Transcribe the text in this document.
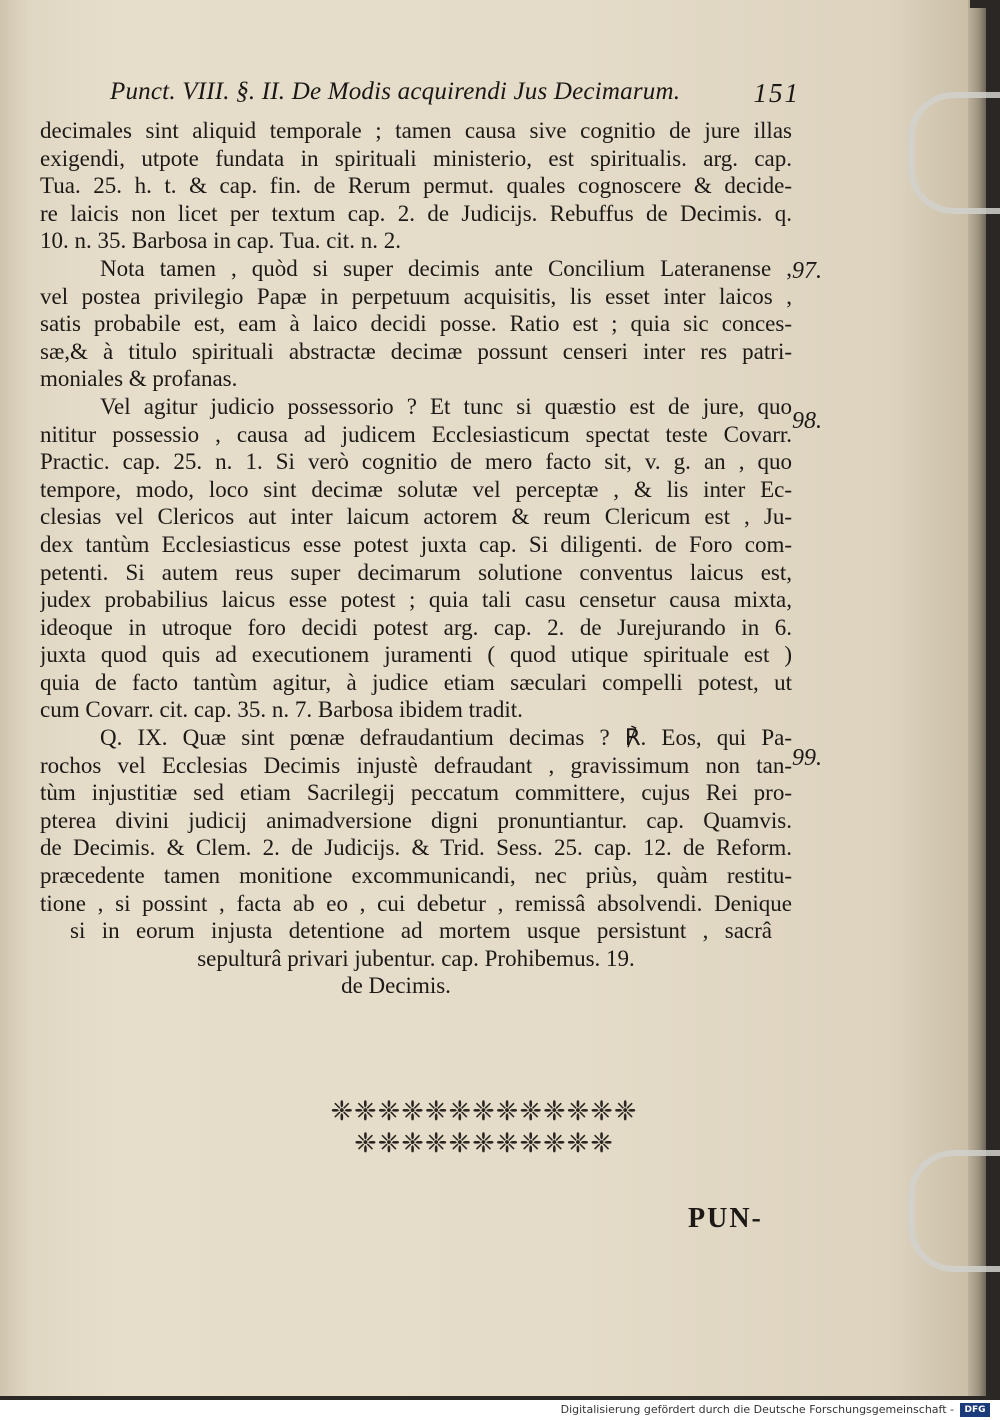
Punct. VIII. §. II. De Modis acquirendi Jus Decimarum.	151
decimales sint aliquid temporale ; tamen causa sive cognitio de jure illas
exigendi, utpote fundata in spirituali ministerio, est spiritualis. arg. cap.
Tua. 25. h. t. & cap. fin. de Rerum permut. quales cognoscere & decide-
re laicis non licet per textum cap. 2. de Judicijs. Rebuffus de Decimis. q.
10. n. 35. Barbosa in cap. Tua. cit. n. 2.
Nota tamen , quòd si super decimis ante Concilium Lateranense ,
vel postea privilegio Papæ in perpetuum acquisitis, lis esset inter laicos ,
satis probabile est, eam à laico decidi posse. Ratio est ; quia sic conces-
sæ,& à titulo spirituali abstractæ decimæ possunt censeri inter res patri-
moniales & profanas.
Vel agitur judicio possessorio ? Et tunc si quæstio est de jure, quo
nititur possessio , causa ad judicem Ecclesiasticum spectat teste Covarr.
Practic. cap. 25. n. 1. Si verò cognitio de mero facto sit, v. g. an , quo
tempore, modo, loco sint decimæ solutæ vel perceptæ , & lis inter Ec-
clesias vel Clericos aut inter laicum actorem & reum Clericum est , Ju-
dex tantùm Ecclesiasticus esse potest juxta cap. Si diligenti. de Foro com-
petenti. Si autem reus super decimarum solutione conventus laicus est,
judex probabilius laicus esse potest ; quia tali casu censetur causa mixta,
ideoque in utroque foro decidi potest arg. cap. 2. de Jurejurando in 6.
juxta quod quis ad executionem juramenti ( quod utique spirituale est )
quia de facto tantùm agitur, à judice etiam sæculari compelli potest, ut
cum Covarr. cit. cap. 35. n. 7. Barbosa ibidem tradit.
Q. IX. Quæ sint pœnæ defraudantium decimas ? ℟. Eos, qui Pa-
rochos vel Ecclesias Decimis injustè defraudant , gravissimum non tan-
tùm injustitiæ sed etiam Sacrilegij peccatum committere, cujus Rei pro-
pterea divini judicij animadversione digni pronuntiantur. cap. Quamvis.
de Decimis. & Clem. 2. de Judicijs. & Trid. Sess. 25. cap. 12. de Reform.
præcedente tamen monitione excommunicandi, nec priùs, quàm restitu-
tione , si possint , facta ab eo , cui debetur , remissâ absolvendi. Denique
si in eorum injusta detentione ad mortem usque persistunt , sacrâ
sepulturâ privari jubentur. cap. Prohibemus. 19.
de Decimis.
97.
98.
99.
❈❈❈❈❈❈❈❈❈❈❈❈❈
❈❈❈❈❈❈❈❈❈❈❈
PUN-
Digitalisierung gefördert durch die Deutsche Forschungsgemeinschaft -	DFG
